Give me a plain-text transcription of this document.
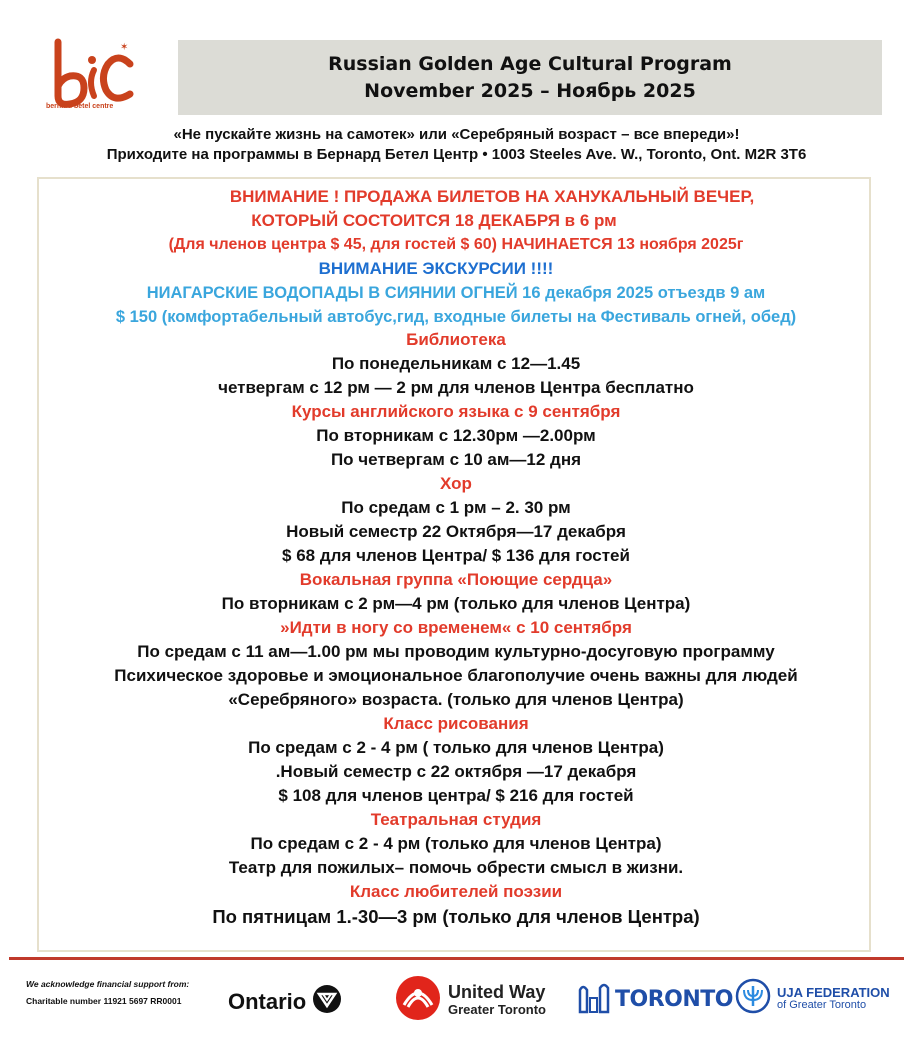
✶
bernard betel centre
Russian Golden Age Cultural Program
November 2025 – Ноябрь 2025
«Не пускайте жизнь на самотек» или «Серебряный возраст – все впереди»!
Приходите на программы в Бернард Бетел Центр • 1003 Steeles Ave. W., Toronto, Ont. M2R 3T6
ВНИМАНИЕ ! ПРОДАЖА БИЛЕТОВ НА ХАНУКАЛЬНЫЙ ВЕЧЕР,
КОТОРЫЙ СОСТОИТСЯ 18 ДЕКАБРЯ в 6 рм
(Для членов центра $ 45, для гостей $ 60) НАЧИНАЕТСЯ 13 ноября 2025г
ВНИМАНИЕ ЭКСКУРСИИ !!!!
НИАГАРСКИЕ ВОДОПАДЫ В СИЯНИИ ОГНЕЙ 16 декабря 2025 отъездв 9 ам
$ 150 (комфортабельный автобус,гид, входные билеты на Фестиваль огней, обед)
Библиотека
По понедельникам с 12—1.45
четвергам с 12 рм — 2 рм для членов Центра бесплатно
Курсы английского языка с 9 сентября
По вторникам с 12.30рм —2.00рм
По четвергам с 10 ам—12 дня
Хор
По средам с 1 рм – 2. 30 рм
Новый семестр 22 Октября—17 декабря
$ 68 для членов Центра/ $ 136 для гостей
Вокальная группа «Поющие сердца»
По вторникам с 2 рм—4 рм (только для членов Центра)
»Идти в ногу со временем« с 10 сентября
По средам с 11 ам—1.00 рм мы проводим культурно-досуговую программу
Психическое здоровье и эмоциональное благополучие очень важны для людей
«Серебряного» возраста. (только для членов Центра)
Класс рисования
По средам с 2 - 4 рм ( только для членов Центра)
.Новый семестр с 22 октября —17 декабря
$ 108 для членов центра/ $ 216 для гостей
Театральная студия
По средам с 2 - 4 рм (только для членов Центра)
Театр для пожилых– помочь обрести смысл в жизни.
Класс любителей поэзии
По пятницам 1.-30—3 рм (только для членов Центра)
We acknowledge financial support from:
Charitable number 11921 5697 RR0001 Ontario	United Way
Greater Toronto	TORONTO	UJA FEDERATION
of Greater Toronto
